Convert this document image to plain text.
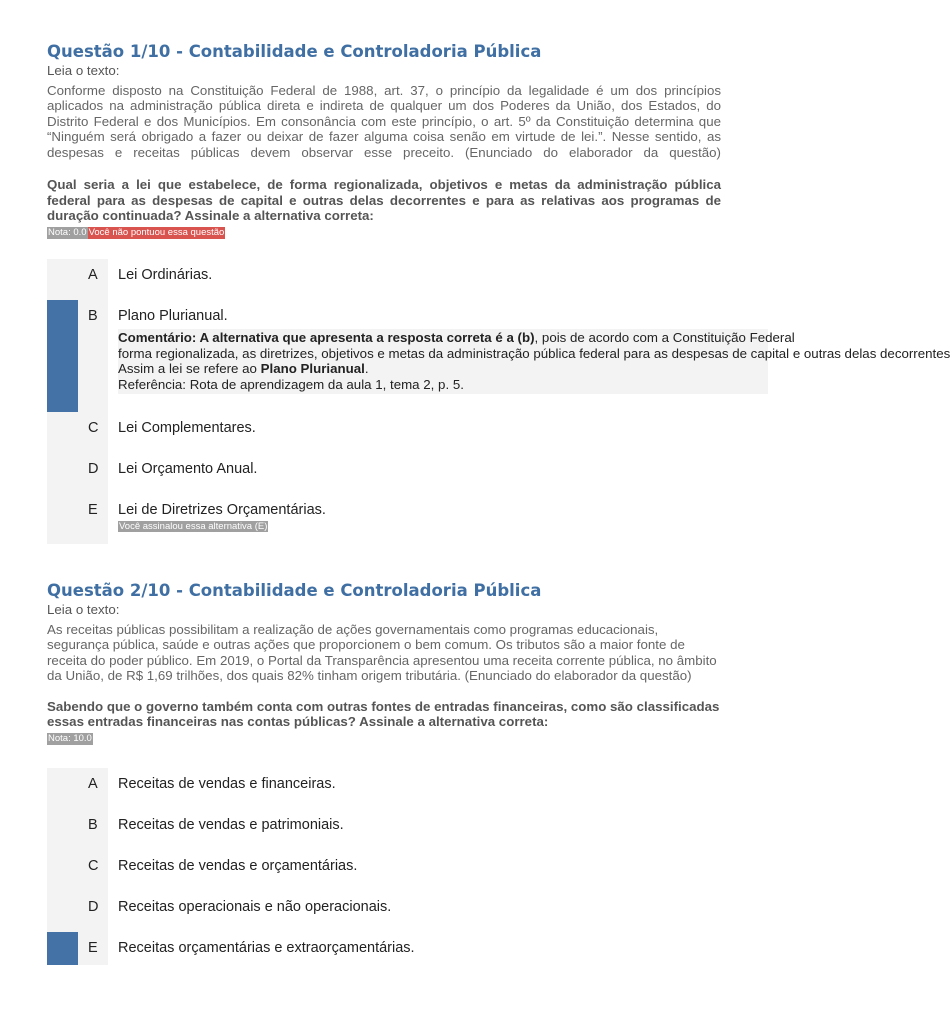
Questão 1/10 - Contabilidade e Controladoria Pública
Leia o texto:
Conforme disposto na Constituição Federal de 1988, art. 37, o princípio da legalidade é um dos princípios aplicados na administração pública direta e indireta de qualquer um dos Poderes da União, dos Estados, do Distrito Federal e dos Municípios. Em consonância com este princípio, o art. 5º da Constituição determina que “Ninguém será obrigado a fazer ou deixar de fazer alguma coisa senão em virtude de lei.”. Nesse sentido, as despesas e receitas públicas devem observar esse preceito. (Enunciado do elaborador da questão)
Qual seria a lei que estabelece, de forma regionalizada, objetivos e metas da administração pública federal para as despesas de capital e outras delas decorrentes e para as relativas aos programas de duração continuada? Assinale a alternativa correta:
Nota: 0.0 Você não pontuou essa questão
A Lei Ordinárias.
B Plano Plurianual.
Comentário: A alternativa que apresenta a resposta correta é a (b), pois de acordo com a Constituição Federal
forma regionalizada, as diretrizes, objetivos e metas da administração pública federal para as despesas de capital e outras delas decorrentes
Assim a lei se refere ao Plano Plurianual.
Referência: Rota de aprendizagem da aula 1, tema 2, p. 5.
C Lei Complementares.
D Lei Orçamento Anual.
E Lei de Diretrizes Orçamentárias.
Você assinalou essa alternativa (E)
Questão 2/10 - Contabilidade e Controladoria Pública
Leia o texto:
As receitas públicas possibilitam a realização de ações governamentais como programas educacionais, segurança pública, saúde e outras ações que proporcionem o bem comum. Os tributos são a maior fonte de receita do poder público. Em 2019, o Portal da Transparência apresentou uma receita corrente pública, no âmbito da União, de R$ 1,69 trilhões, dos quais 82% tinham origem tributária. (Enunciado do elaborador da questão)
Sabendo que o governo também conta com outras fontes de entradas financeiras, como são classificadas essas entradas financeiras nas contas públicas? Assinale a alternativa correta:
Nota: 10.0
A Receitas de vendas e financeiras.
B Receitas de vendas e patrimoniais.
C Receitas de vendas e orçamentárias.
D Receitas operacionais e não operacionais.
E Receitas orçamentárias e extraorçamentárias.
